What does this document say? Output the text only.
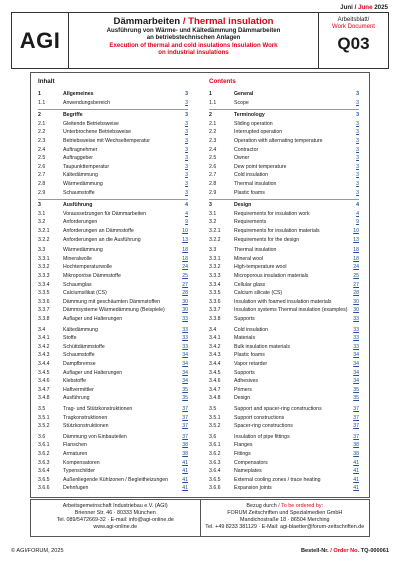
Juni / June 2025
AGI
Dämmarbeiten / Thermal insulation
Ausführung von Wärme- und Kältedämmung Dämmarbeiten
an betriebstechnischen Anlagen
Execution of thermal and cold insulations Insulation Work
on industrial insulations
Arbeitsblatt/
Work Document
Q03
Inhalt
1	Allgemeines	3
1.1	Anwendungsbereich	3
2	Begriffe	3
2.1	Gleitende Betriebsweise	3
2.2	Unterbrochene Betriebsweise	3
2.3	Betriebsweise mit Wechseltemperatur	3
2.4	Auftragnehmer	3
2.5	Auftraggeber	3
2.6	Taupunkttemperatur	3
2.7	Kältedämmung	3
2.8	Wärmedämmung	3
2.9	Schaumstoffe	3
3	Ausführung	4
3.1	Voraussetzungen für Dämmarbeiten	4
3.2	Anforderungen	9
3.2.1	Anforderungen an Dämmstoffe	10
3.2.2	Anforderungen an die Ausführung	13
3.3	Wärmedämmung	18
3.3.1	Mineralwolle	18
3.3.2	Hochtemperaturwolle	24
3.3.3	Mikroporöse Dämmstoffe	25
3.3.4	Schaumglas	27
3.3.5	Calciumsilikat (CS)	28
3.3.6	Dämmung mit geschäumten Dämmstoffen	30
3.3.7	Dämmsysteme Wärmedämmung (Beispiele)	30
3.3.8	Auflager und Halterungen	33
3.4	Kältedämmung	33
3.4.1	Stoffe	33
3.4.2	Schüttdämmstoffe	33
3.4.3	Schaumstoffe	34
3.4.4	Dampfbremse	34
3.4.5	Auflager und Halterungen	34
3.4.6	Klebstoffe	34
3.4.7	Haftvermittler	35
3.4.8	Ausführung	35
3.5	Trag- und Stützkonstruktionen	37
3.5.1	Tragkonstruktionen	37
3.5.2	Stützkonstruktionen	37
3.6	Dämmung von Einbauteilen	37
3.6.1	Flanschen	38
3.6.2	Armaturen	38
3.6.3	Kompensatoren	41
3.6.4	Typenschilder	41
3.6.5	Außenliegende Kühlzonen / Begleitheizungen	41
3.6.6	Dehnfugen	41
Contents
1	General	3
1.1	Scope	3
2	Terminology	3
2.1	Sliding operation	3
2.2	Interrupted operation	3
2.3	Operation with alternating temperature	3
2.4	Contractor	3
2.5	Owner	3
2.6	Dew point temperature	3
2.7	Cold insulation	3
2.8	Thermal insulation	3
2.9	Plastic foams	3
3	Design	4
3.1	Requirements for insulation work	4
3.2	Requirements	9
3.2.1	Requirements for insulation materials	10
3.2.2	Requirements for the design	13
3.3	Thermal insulation	18
3.3.1	Mineral wool	18
3.3.2	High-temperature wool	24
3.3.3	Microporous insulation materials	25
3.3.4	Cellular glass	27
3.3.5	Calcium silicate (CS)	28
3.3.6	Insulation with foamed insulation materials	30
3.3.7	Insulation systems Thermal insulation (examples)	30
3.3.8	Supports	33
3.4	Cold insulation	33
3.4.1	Materials	33
3.4.2	Bulk insulation materials	33
3.4.3	Plastic foams	34
3.4.4	Vapor retarder	34
3.4.5	Supports	34
3.4.6	Adhesives	34
3.4.7	Primers	35
3.4.8	Design	35
3.5	Support and spacer-ring constructions	37
3.5.1	Support constructions	37
3.5.2	Spacer-ring constructions	37
3.6	Insulation of pipe fittings	37
3.6.1	Flanges	38
3.6.2	Fittings	38
3.6.3	Compensators	41
3.6.4	Nameplates	41
3.6.5	External cooling zones / trace heating	41
3.6.6	Expansion joints	41
Arbeitsgemeinschaft Industriebau e.V. (AGI)
Brienner Str. 46 · 80333 München
Tel. 089/5472669-32 · E-mail: info@agi-online.de
www.agi-online.de
Bezug durch / To be ordered by:
FORUM Zeitschriften und Spezialmedien GmbH
Mandichostraße 18 · 86504 Merching
Tel. +49 8233 381129 · E-Mail: agi-blaetter@forum-zeitschriften.de
© AGI/FORUM, 2025	Bestell-Nr. / Order No. TQ-000061
